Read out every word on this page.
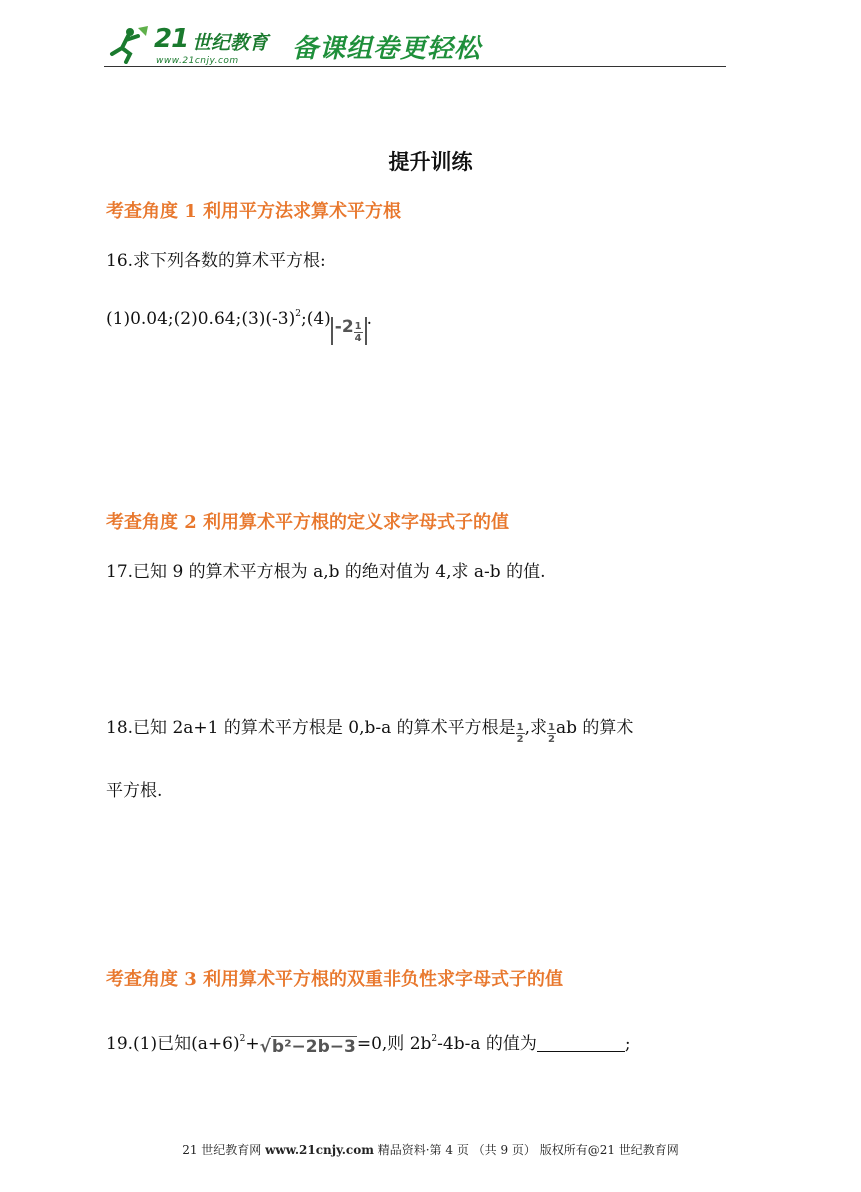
21 世纪教育
www.21cnjy.com 备课组卷更轻松
提升训练
考查角度 1 利用平方法求算术平方根
16.求下列各数的算术平方根:
$(1)0.04;(2)0.64;(3)(-3)^2;(4)$ $-2 \frac{1}{4}$
.
考查角度 2 利用算术平方根的定义求字母式子的值
17.已知 9 的算术平方根为 a,b 的绝对值为 4,求 a-b 的值.
18.已知 2a+1 的算术平方根是 0,b-a 的算术平方根是 $\frac{1}{2}$ ,求 $\frac{1}{2}$ ab 的算术
平方根.
考查角度 3 利用算术平方根的双重非负性求字母式子的值
19.(1)已知$(a+6)^2+√b^2-2b-3=0$,则 $2b^2-4b-a$ 的值为	;
21 世纪教育网 www.21cnjy.com 精品资料·第 4 页 （共 9 页） 版权所有@21 世纪教育网
